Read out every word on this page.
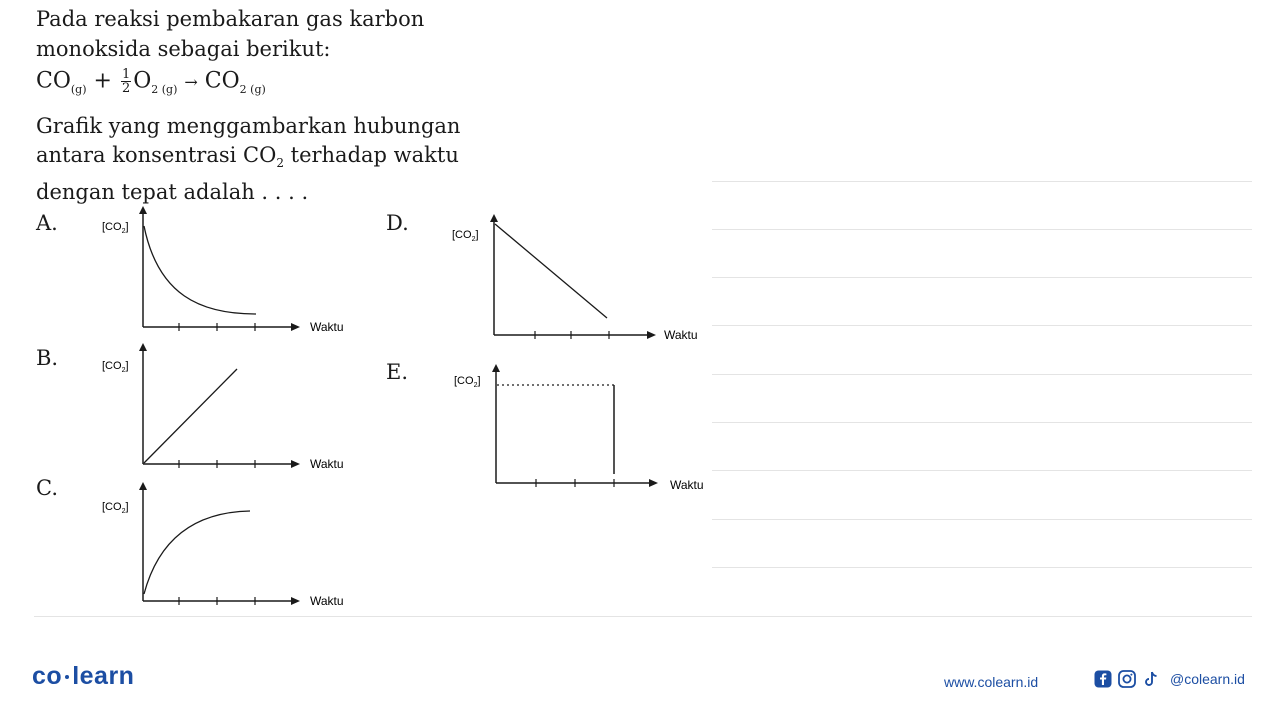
Pada reaksi pembakaran gas karbon

monoksida sebagai berikut:

$CO_{(g)} + \frac{1}{2} O_{2 (g)} \to CO_{2 (g)}$
Grafik yang menggambarkan hubungan
antara konsentrasi $CO_2$ terhadap waktu
dengan tepat adalah . . . .
A.
B.
C.
D.
E.
$[CO_2]$
Waktu
$[CO_2]$
Waktu
$[CO_2]$
Waktu
$[CO_2]$
Waktu
$[CO_2]$
Waktu
co learn	www.colearn.id	@colearn.id
